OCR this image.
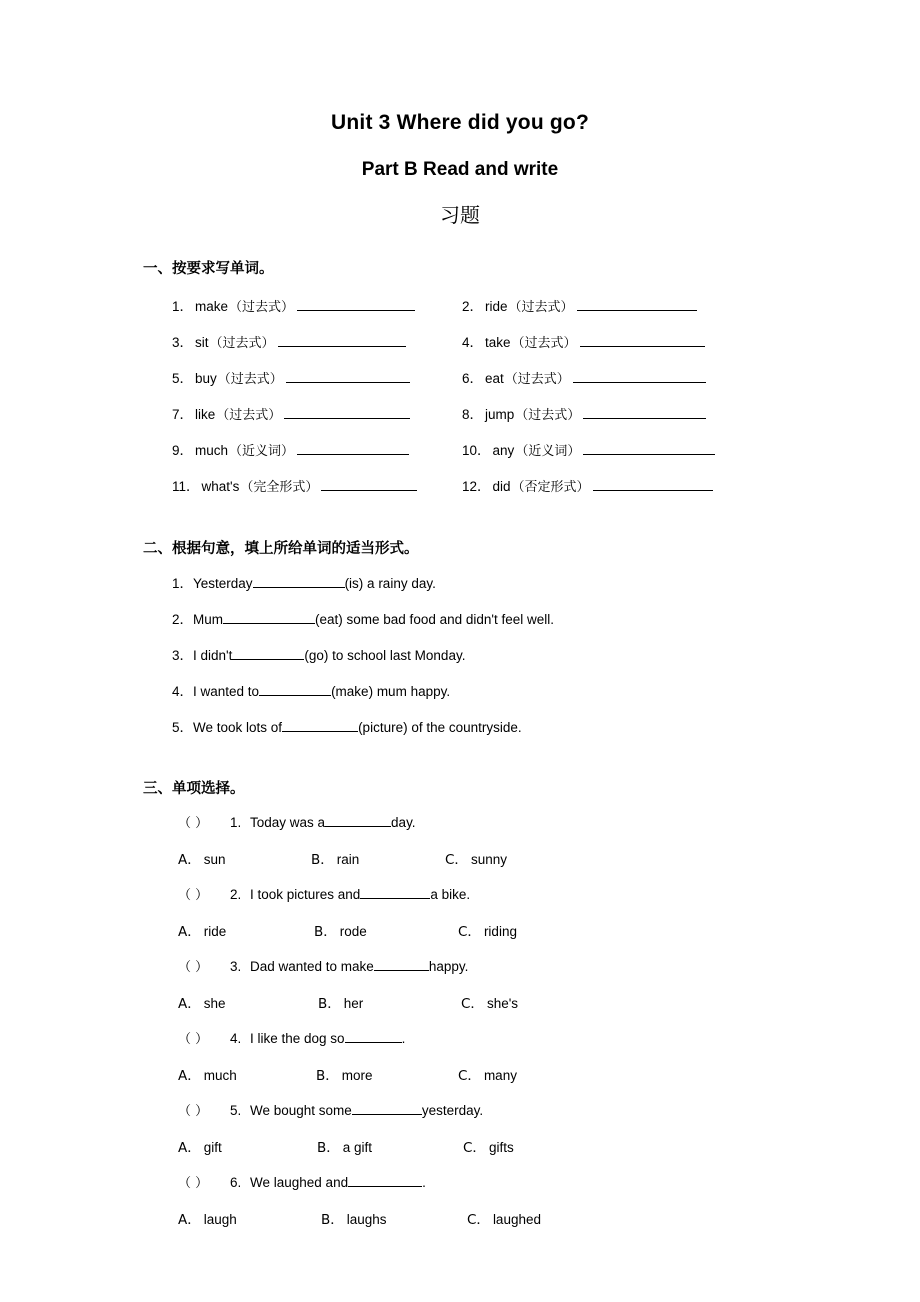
Unit 3 Where did you go?
Part B Read and write
习题
一、按要求写单词。
1． make （过去式）	2． ride （过去式）
3． sit （过去式）	4． take （过去式）
5． buy （过去式）	6． eat （过去式）
7． like （过去式）	8． jump （过去式）
9． much （近义词）	10． any （近义词）
11． what's （完全形式）	12． did （否定形式）
二、根据句意，填上所给单词的适当形式。
1． Yesterday	(is) a rainy day.
2． Mum	(eat) some bad food and didn't feel well.
3． I didn't	(go) to school last Monday.
4． I wanted to	(make) mum happy.
5． We took lots of	(picture) of the countryside.
三、单项选择。
（ ）	1. Today was a	day.
A． sun	B． rain	C． sunny
（ ）	2. I took pictures and	a bike.
A． ride	B． rode	C． riding
（ ）	3. Dad wanted to make	happy.
A． she	B． her	C． she's
（ ）	4. I like the dog so	.
A． much	B． more	C． many
（ ）	5. We bought some	yesterday.
A． gift	B． a gift	C． gifts
（ ）	6. We laughed and	.
A． laugh	B． laughs	C． laughed
